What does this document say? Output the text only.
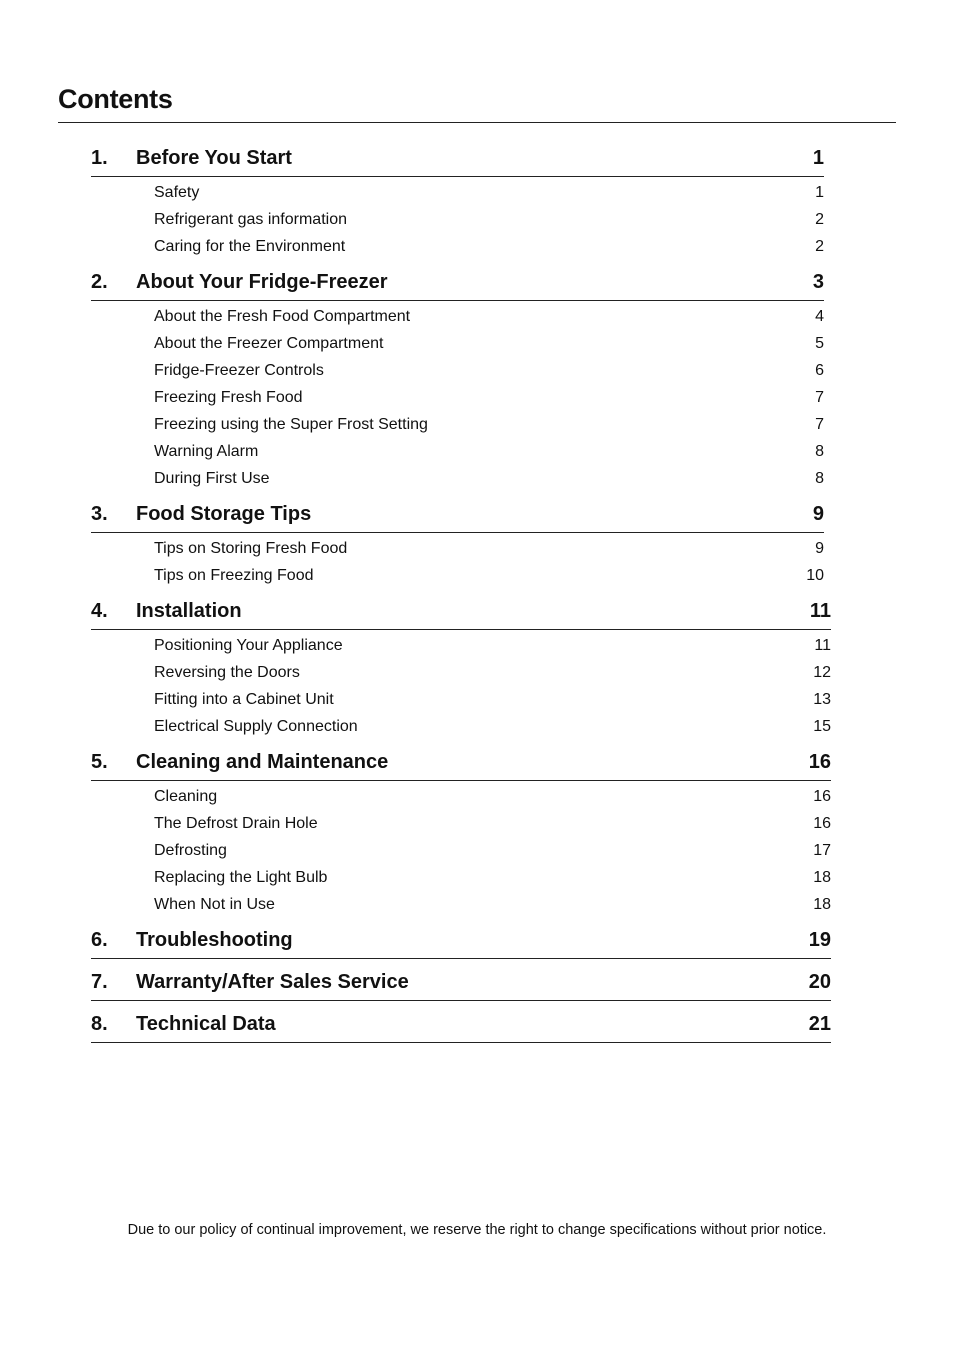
Contents
1.	Before You Start	1
Safety	1
Refrigerant gas information	2
Caring for the Environment	2
2.	About Your Fridge-Freezer	3
About the Fresh Food Compartment	4
About the Freezer Compartment	5
Fridge-Freezer Controls	6
Freezing Fresh Food	7
Freezing using the Super Frost Setting	7
Warning Alarm	8
During First Use	8
3.	Food Storage Tips	9
Tips on Storing Fresh Food	9
Tips on Freezing Food	10
4.	Installation	11
Positioning Your Appliance	11
Reversing the Doors	12
Fitting into a Cabinet Unit	13
Electrical Supply Connection	15
5.	Cleaning and Maintenance	16
Cleaning	16
The Defrost Drain Hole	16
Defrosting	17
Replacing the Light Bulb	18
When Not in Use	18
6.	Troubleshooting	19
7.	Warranty/After Sales Service	20
8.	Technical Data	21

Due to our policy of continual improvement, we reserve the right to change specifications without prior notice.
